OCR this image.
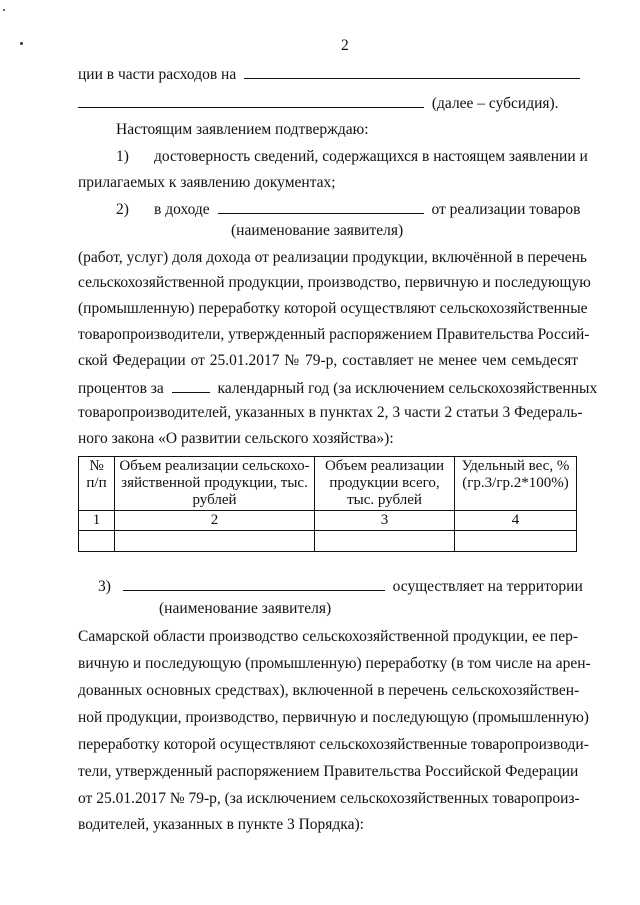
2
ции в части расходов на
(далее – субсидия).
Настоящим заявлением подтверждаю:
1) достоверность сведений, содержащихся в настоящем заявлении и
прилагаемых к заявлению документах;
2) в доходе	от реализации товаров
(наименование заявителя)
(работ, услуг) доля дохода от реализации продукции, включённой в перечень
сельскохозяйственной продукции, производство, первичную и последующую
(промышленную) переработку которой осуществляют сельскохозяйственные
товаропроизводители, утвержденный распоряжением Правительства Россий-
ской Федерации от 25.01.2017 № 79-р, составляет не менее чем семьдесят
процентов за	календарный год (за исключением сельскохозяйственных
товаропроизводителей, указанных в пунктах 2, 3 части 2 статьи 3 Федераль-
ного закона «О развитии сельского хозяйства»):
№ п/п	Объем реализации сельскохо-зяйственной продукции, тыс. рублей	Объем реализации продукции всего, тыс. рублей	Удельный вес, % (гр.3/гр.2*100%)
1	2	3	4

3)	осуществляет на территории
(наименование заявителя)
Самарской области производство сельскохозяйственной продукции, ее пер-
вичную и последующую (промышленную) переработку (в том числе на арен-
дованных основных средствах), включенной в перечень сельскохозяйствен-
ной продукции, производство, первичную и последующую (промышленную)
переработку которой осуществляют сельскохозяйственные товаропроизводи-
тели, утвержденный распоряжением Правительства Российской Федерации
от 25.01.2017 № 79-р, (за исключением сельскохозяйственных товаропроиз-
водителей, указанных в пункте 3 Порядка):
